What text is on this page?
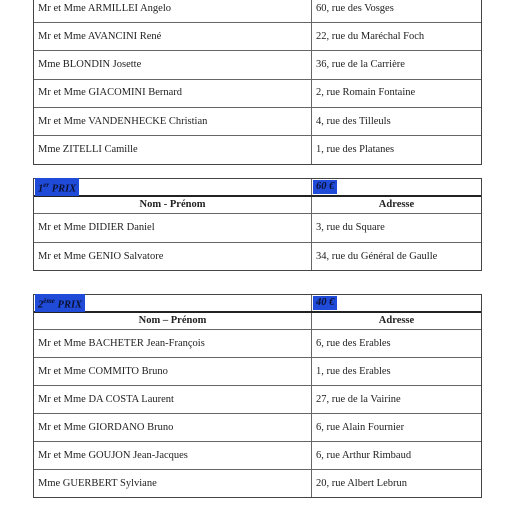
Mr et Mme ARMILLEI Angelo	60, rue des Vosges
Mr et Mme AVANCINI René	22, rue du Maréchal Foch
Mme BLONDIN Josette	36, rue de la Carrière
Mr et Mme GIACOMINI Bernard	2, rue Romain Fontaine
Mr et Mme VANDENHECKE Christian	4, rue des Tilleuls
Mme ZITELLI Camille	1, rue des Platanes
1er PRIX	60 €
Nom - Prénom	Adresse
Mr et Mme DIDIER Daniel	3, rue du Square
Mr et Mme GENIO Salvatore	34, rue du Général de Gaulle
2ème PRIX	40 €
Nom – Prénom	Adresse
Mr et Mme BACHETER Jean-François	6, rue des Erables
Mr et Mme COMMITO Bruno	1, rue des Erables
Mr et Mme DA COSTA Laurent	27, rue de la Vairine
Mr et Mme GIORDANO Bruno	6, rue Alain Fournier
Mr et Mme GOUJON Jean-Jacques	6, rue Arthur Rimbaud
Mme GUERBERT Sylviane	20, rue Albert Lebrun
